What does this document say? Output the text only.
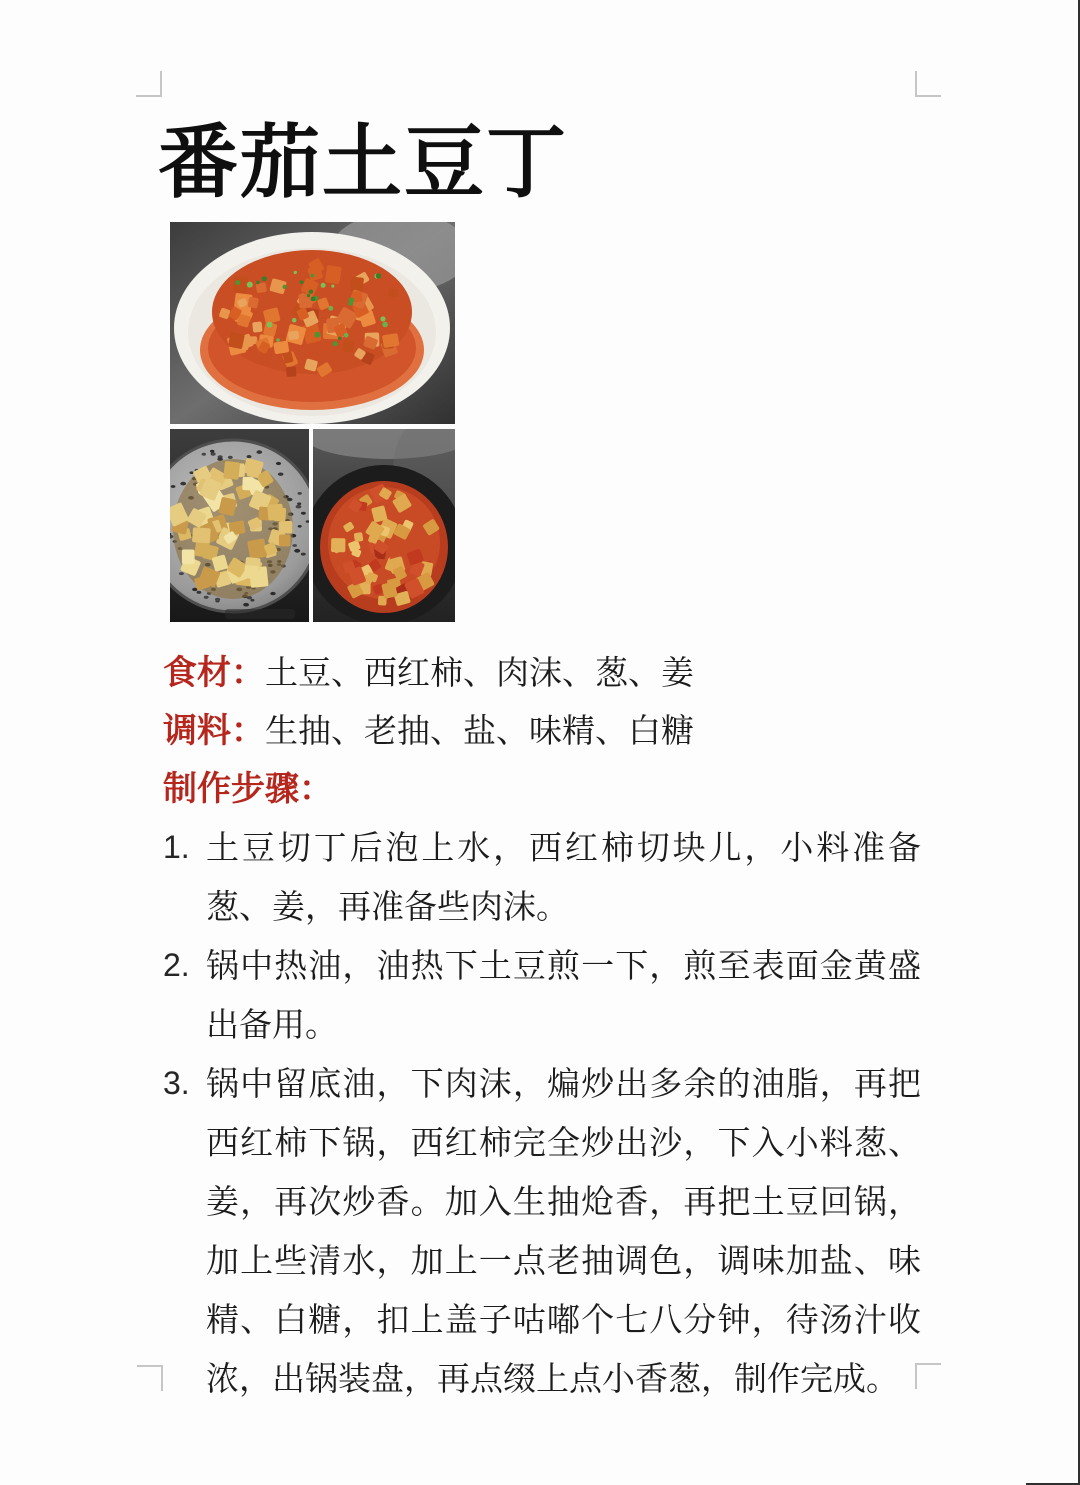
番茄土豆丁
食材：土豆、西红柿、肉沫、葱、姜
调料：生抽、老抽、盐、味精、白糖
制作步骤：
1. 土豆切丁后泡上水，西红柿切块儿，小料准备葱、姜，再准备些肉沫。
2. 锅中热油，油热下土豆煎一下，煎至表面金黄盛出备用。
3. 锅中留底油，下肉沫，煸炒出多余的油脂，再把西红柿下锅，西红柿完全炒出沙，下入小料葱、姜，再次炒香。加入生抽炝香，再把土豆回锅，加上些清水，加上一点老抽调色，调味加盐、味精、白糖，扣上盖子咕嘟个七八分钟，待汤汁收浓，出锅装盘，再点缀上点小香葱，制作完成。
